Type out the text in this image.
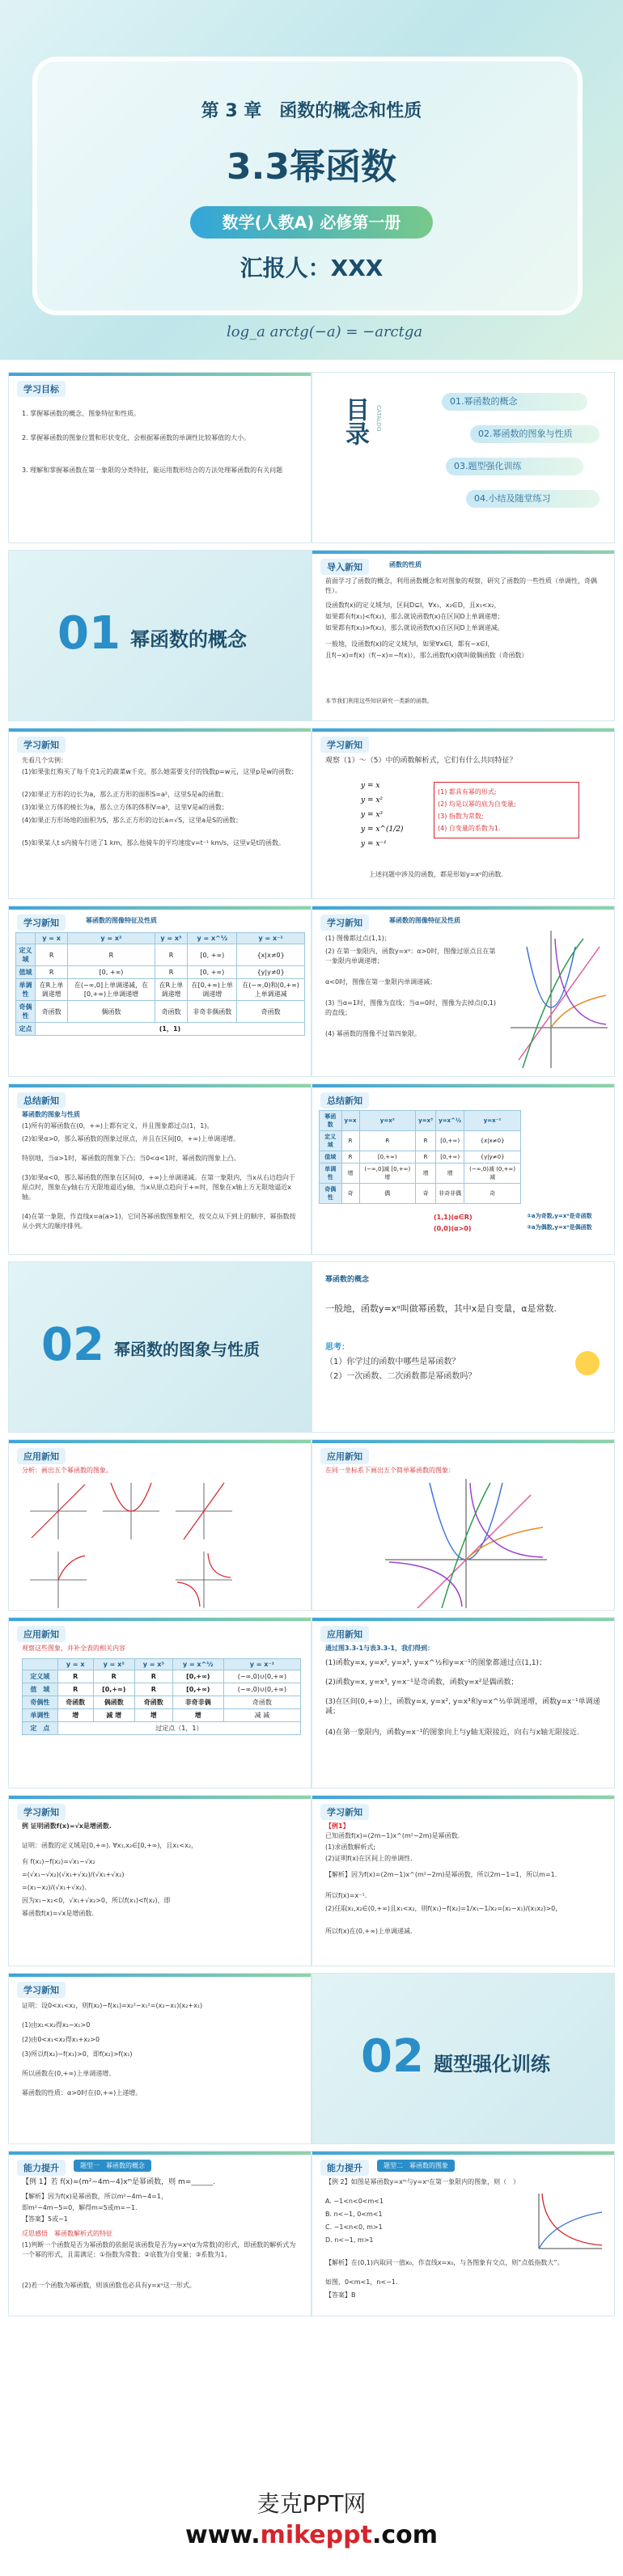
第 3 章　函数的概念和性质
3.3幂函数
数学(人教A) 必修第一册
汇报人：XXX
log_a arctg(−a) = −arctga
学习目标
1. 掌握幂函数的概念、图象特征和性质。
2. 掌握幂函数的图象位置和形状变化，会根据幂函数的单调性比较幂值的大小。
3. 理解和掌握幂函数在第一象限的分类特征，能运用数形结合的方法处理幂函数的有关问题
目录	CATALOG
01.幂函数的概念
02.幂函数的图象与性质
03.题型强化训练
04.小结及随堂练习
01 幂函数的概念
导入新知	函数的性质
前面学习了函数的概念，利用函数概念和对图象的观察，研究了函数的一些性质（单调性，奇偶性）。
设函数f(x)的定义域为I，区间D⊆I，∀x₁、x₂∈D，且x₁<x₂，
如果都有f(x₁)<f(x₂)，那么就说函数f(x)在区间D上单调递增；
如果都有f(x₁)>f(x₂)，那么就说函数f(x)在区间D上单调递减。
一般地，设函数f(x)的定义域为I，如果∀x∈I，都有−x∈I，
且f(−x)=f(x)（f(−x)=−f(x)），那么函数f(x)就叫做偶函数（奇函数）
本节我们利用这些知识研究一类新的函数。
学习新知
先看几个实例：
(1)如果张红购买了每千克1元的蔬菜w千克，那么她需要支付的钱数p=w元，这里p是w的函数；
(2)如果正方形的边长为a，那么正方形的面积S=a²，这里S是a的函数；
(3)如果立方体的棱长为a，那么立方体的体积V=a³，这里V是a的函数；
(4)如果正方形场地的面积为S，那么正方形的边长a=√S，这里a是S的函数；
(5)如果某人t s内骑车行进了1 km，那么他骑车的平均速度v=t⁻¹ km/s，这里v是t的函数。
学习新知
观察（1）～（5）中的函数解析式，它们有什么共同特征？
y = x
y = x²
y = x³
y = x^(1/2)
y = x⁻¹
(1) 都具有幂的形式;
(2) 均是以幂的底为自变量;
(3) 指数为常数;
(4) 自变量的系数为1.
上述问题中涉及的函数，都是形如y=xᵅ的函数.
学习新知	幂函数的图像特征及性质
	y = x	y = x²	y = x³	y = x^½	y = x⁻¹
定义域	R	R	R	[0, +∞)	{x|x≠0}
值域	R	[0, +∞)	R	[0, +∞)	{y|y≠0}
单调性	在R上单调递增	在(−∞,0]上单调递减，在[0,+∞)上单调递增	在R上单调递增	在[0,+∞)上单调递增	在(−∞,0)和(0,+∞)上单调递减
奇偶性	奇函数	偶函数	奇函数	非奇非偶函数	奇函数
定点	(1，1)				
学习新知	幂函数的图像特征及性质
(1) 图像都过点(1,1)；
(2) 在第一象限内，函数y=xᵅ：α>0时，图像过原点且在第一象限内单调递增；
α<0时，图像在第一象限内单调递减；
(3) 当α=1时，图像为直线；当α=0时，图像为去掉点(0,1)的直线；
(4) 幂函数的图像不过第四象限。
总结新知
幂函数的图象与性质
(1)所有的幂函数在(0，+∞)上都有定义，并且图象都过点(1，1)。
(2)如果α>0，那么幂函数的图象过原点，并且在区间[0，+∞)上单调递增。
特别地，当α>1时，幂函数的图象下凸；当0<α<1时，幂函数的图象上凸。
(3)如果α<0，那么幂函数的图象在区间(0，+∞)上单调递减。在第一象限内，当x从右边趋向于原点时，图象在y轴右方无限地逼近y轴，当x从原点趋向于+∞时，图象在x轴上方无限地逼近x轴。
(4)在第一象限，作直线x=a(a>1)，它同各幂函数图象相交，按交点从下到上的顺序，幂指数按从小到大的顺序排列。
总结新知
幂函数	y=x	y=x²	y=x³	y=x^½	y=x⁻¹
定义域	R	R	R	[0,+∞)	{x|x≠0}
值域	R	[0,+∞)	R	[0,+∞)	{y|y≠0}
单调性	增	(−∞,0]减 [0,+∞)增	增	增	(−∞,0)减 (0,+∞)减
奇偶性	奇	偶	奇	非奇非偶	奇
(1,1)(α∈R)
(0,0)(α>0)
①a为奇数,y=xᵅ是奇函数
②a为偶数,y=xᵅ是偶函数
02 幂函数的图象与性质
幂函数的概念
一般地，函数y=xᵅ叫做幂函数，其中x是自变量，α是常数.
思考：
（1）你学过的函数中哪些是幂函数？
（2）一次函数、二次函数都是幂函数吗？
应用新知
分析：画出五个幂函数的图象。
应用新知
在同一坐标系下画出五个简单幂函数的图象：
应用新知
观察这些图象，并补全表的相关内容
	y = x	y = x²	y = x³	y = x^½	y = x⁻¹
定义域	R	R	R	[0,+∞)	(−∞,0)∪(0,+∞)
值　域	R	[0,+∞)	R	[0,+∞)	(−∞,0)∪(0,+∞)
奇偶性	奇函数	偶函数	奇函数	非奇非偶	奇函数
单调性	增	减 增	增	增	减 减
定　点	过定点（1，1）				
应用新知
通过图3.3-1与表3.3-1，我们得到：
(1)函数y=x, y=x², y=x³, y=x^½和y=x⁻¹的图象都通过点(1,1)；
(2)函数y=x, y=x³, y=x⁻¹是奇函数，函数y=x²是偶函数；
(3)在区间(0,+∞)上，函数y=x, y=x², y=x³和y=x^½单调递增，函数y=x⁻¹单调递减；
(4)在第一象限内，函数y=x⁻¹的图象向上与y轴无限接近，向右与x轴无限接近.
学习新知
例 证明函数f(x)=√x是增函数.
证明：函数的定义域是[0,+∞). ∀x₁,x₂∈[0,+∞)，且x₁<x₂，
有 f(x₁)−f(x₂)=√x₁−√x₂
=(√x₁−√x₂)(√x₁+√x₂)/(√x₁+√x₂)
=(x₁−x₂)/(√x₁+√x₂).
因为x₁−x₂<0，√x₁+√x₂>0，所以f(x₁)<f(x₂)，即
幂函数f(x)=√x是增函数.
学习新知
【例1】
已知函数f(x)=(2m−1)x^(m²−2m)是幂函数.
(1)求函数解析式;
(2)证明f(x)在区间上的单调性.
【解析】因为f(x)=(2m−1)x^(m²−2m)是幂函数，所以2m−1=1，所以m=1.
所以f(x)=x⁻¹.
(2)任取x₁,x₂∈(0,+∞)且x₁<x₂，则f(x₁)−f(x₂)=1/x₁−1/x₂=(x₂−x₁)/(x₁x₂)>0，
所以f(x)在(0,+∞)上单调递减.
学习新知
证明：设0<x₁<x₂，则f(x₂)−f(x₁)=x₂²−x₁²=(x₂−x₁)(x₂+x₁)
(1)由x₁<x₂得x₂−x₁>0
(2)由0<x₁<x₂得x₁+x₂>0
(3)所以f(x₂)−f(x₁)>0，即f(x₂)>f(x₁)
所以函数在(0,+∞)上单调递增。
幂函数的性质：α>0时在(0,+∞)上递增。
02 题型强化训练
能力提升	题型一　幂函数的概念
【例 1】若 f(x)=(m²−4m−4)xᵐ是幂函数，则 m=______.
【解析】因为f(x)是幂函数，所以m²−4m−4=1，
即m²−4m−5=0，解得m=5或m=−1.
【答案】5或−1
反思感悟　幂函数解析式的特征
(1)判断一个函数是否为幂函数的依据是该函数是否为y=xᵅ(α为常数)的形式，即函数的解析式为一个幂的形式，且需满足：①指数为常数；②底数为自变量；③系数为1。
(2)若一个函数为幂函数，则该函数也必具有y=xᵅ这一形式。
能力提升	题型二　幂函数的图象
【例 2】如图是幂函数y=xᵐ与y=xⁿ在第一象限内的图象，则（　）
A. −1<n<0<m<1
B. n<−1, 0<m<1
C. −1<n<0, m>1
D. n<−1, m>1
【解析】在(0,1)内取同一值x₀，作直线x=x₀，与各图象有交点，则“点低指数大”。
如图，0<m<1，n<−1.
【答案】B
麦克PPT网
www.mikeppt.com
